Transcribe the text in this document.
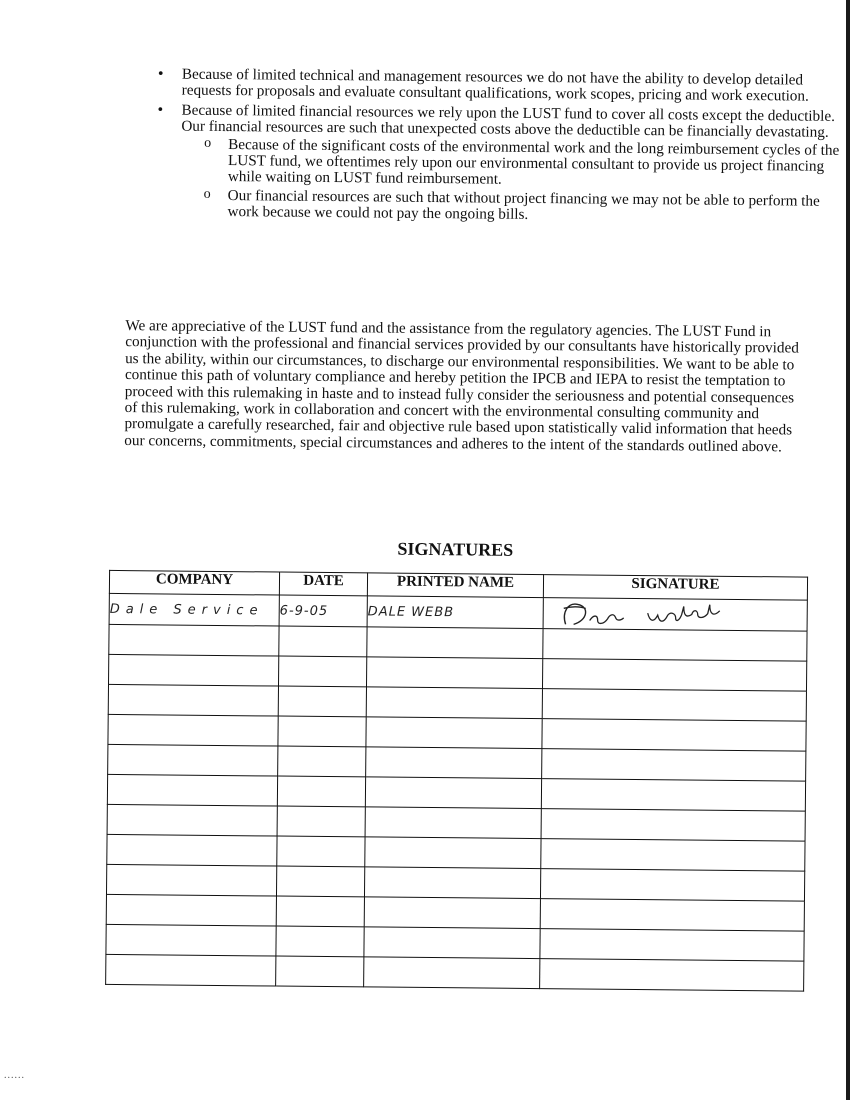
• Because of limited technical and management resources we do not have the ability to develop detailed requests for proposals and evaluate consultant qualifications, work scopes, pricing and work execution.
• Because of limited financial resources we rely upon the LUST fund to cover all costs except the deductible. Our financial resources are such that unexpected costs above the deductible can be financially devastating.
o Because of the significant costs of the environmental work and the long reimbursement cycles of the LUST fund, we oftentimes rely upon our environmental consultant to provide us project financing while waiting on LUST fund reimbursement.
o Our financial resources are such that without project financing we may not be able to perform the work because we could not pay the ongoing bills.

We are appreciative of the LUST fund and the assistance from the regulatory agencies. The LUST Fund in conjunction with the professional and financial services provided by our consultants have historically provided us the ability, within our circumstances, to discharge our environmental responsibilities. We want to be able to continue this path of voluntary compliance and hereby petition the IPCB and IEPA to resist the temptation to proceed with this rulemaking in haste and to instead fully consider the seriousness and potential consequences of this rulemaking, work in collaboration and concert with the environmental consulting community and promulgate a carefully researched, fair and objective rule based upon statistically valid information that heeds our concerns, commitments, special circumstances and adheres to the intent of the standards outlined above.

SIGNATURES
COMPANY	DATE	PRINTED NAME	SIGNATURE
Dale Service	6-9-05	DALE WEBB	

......
